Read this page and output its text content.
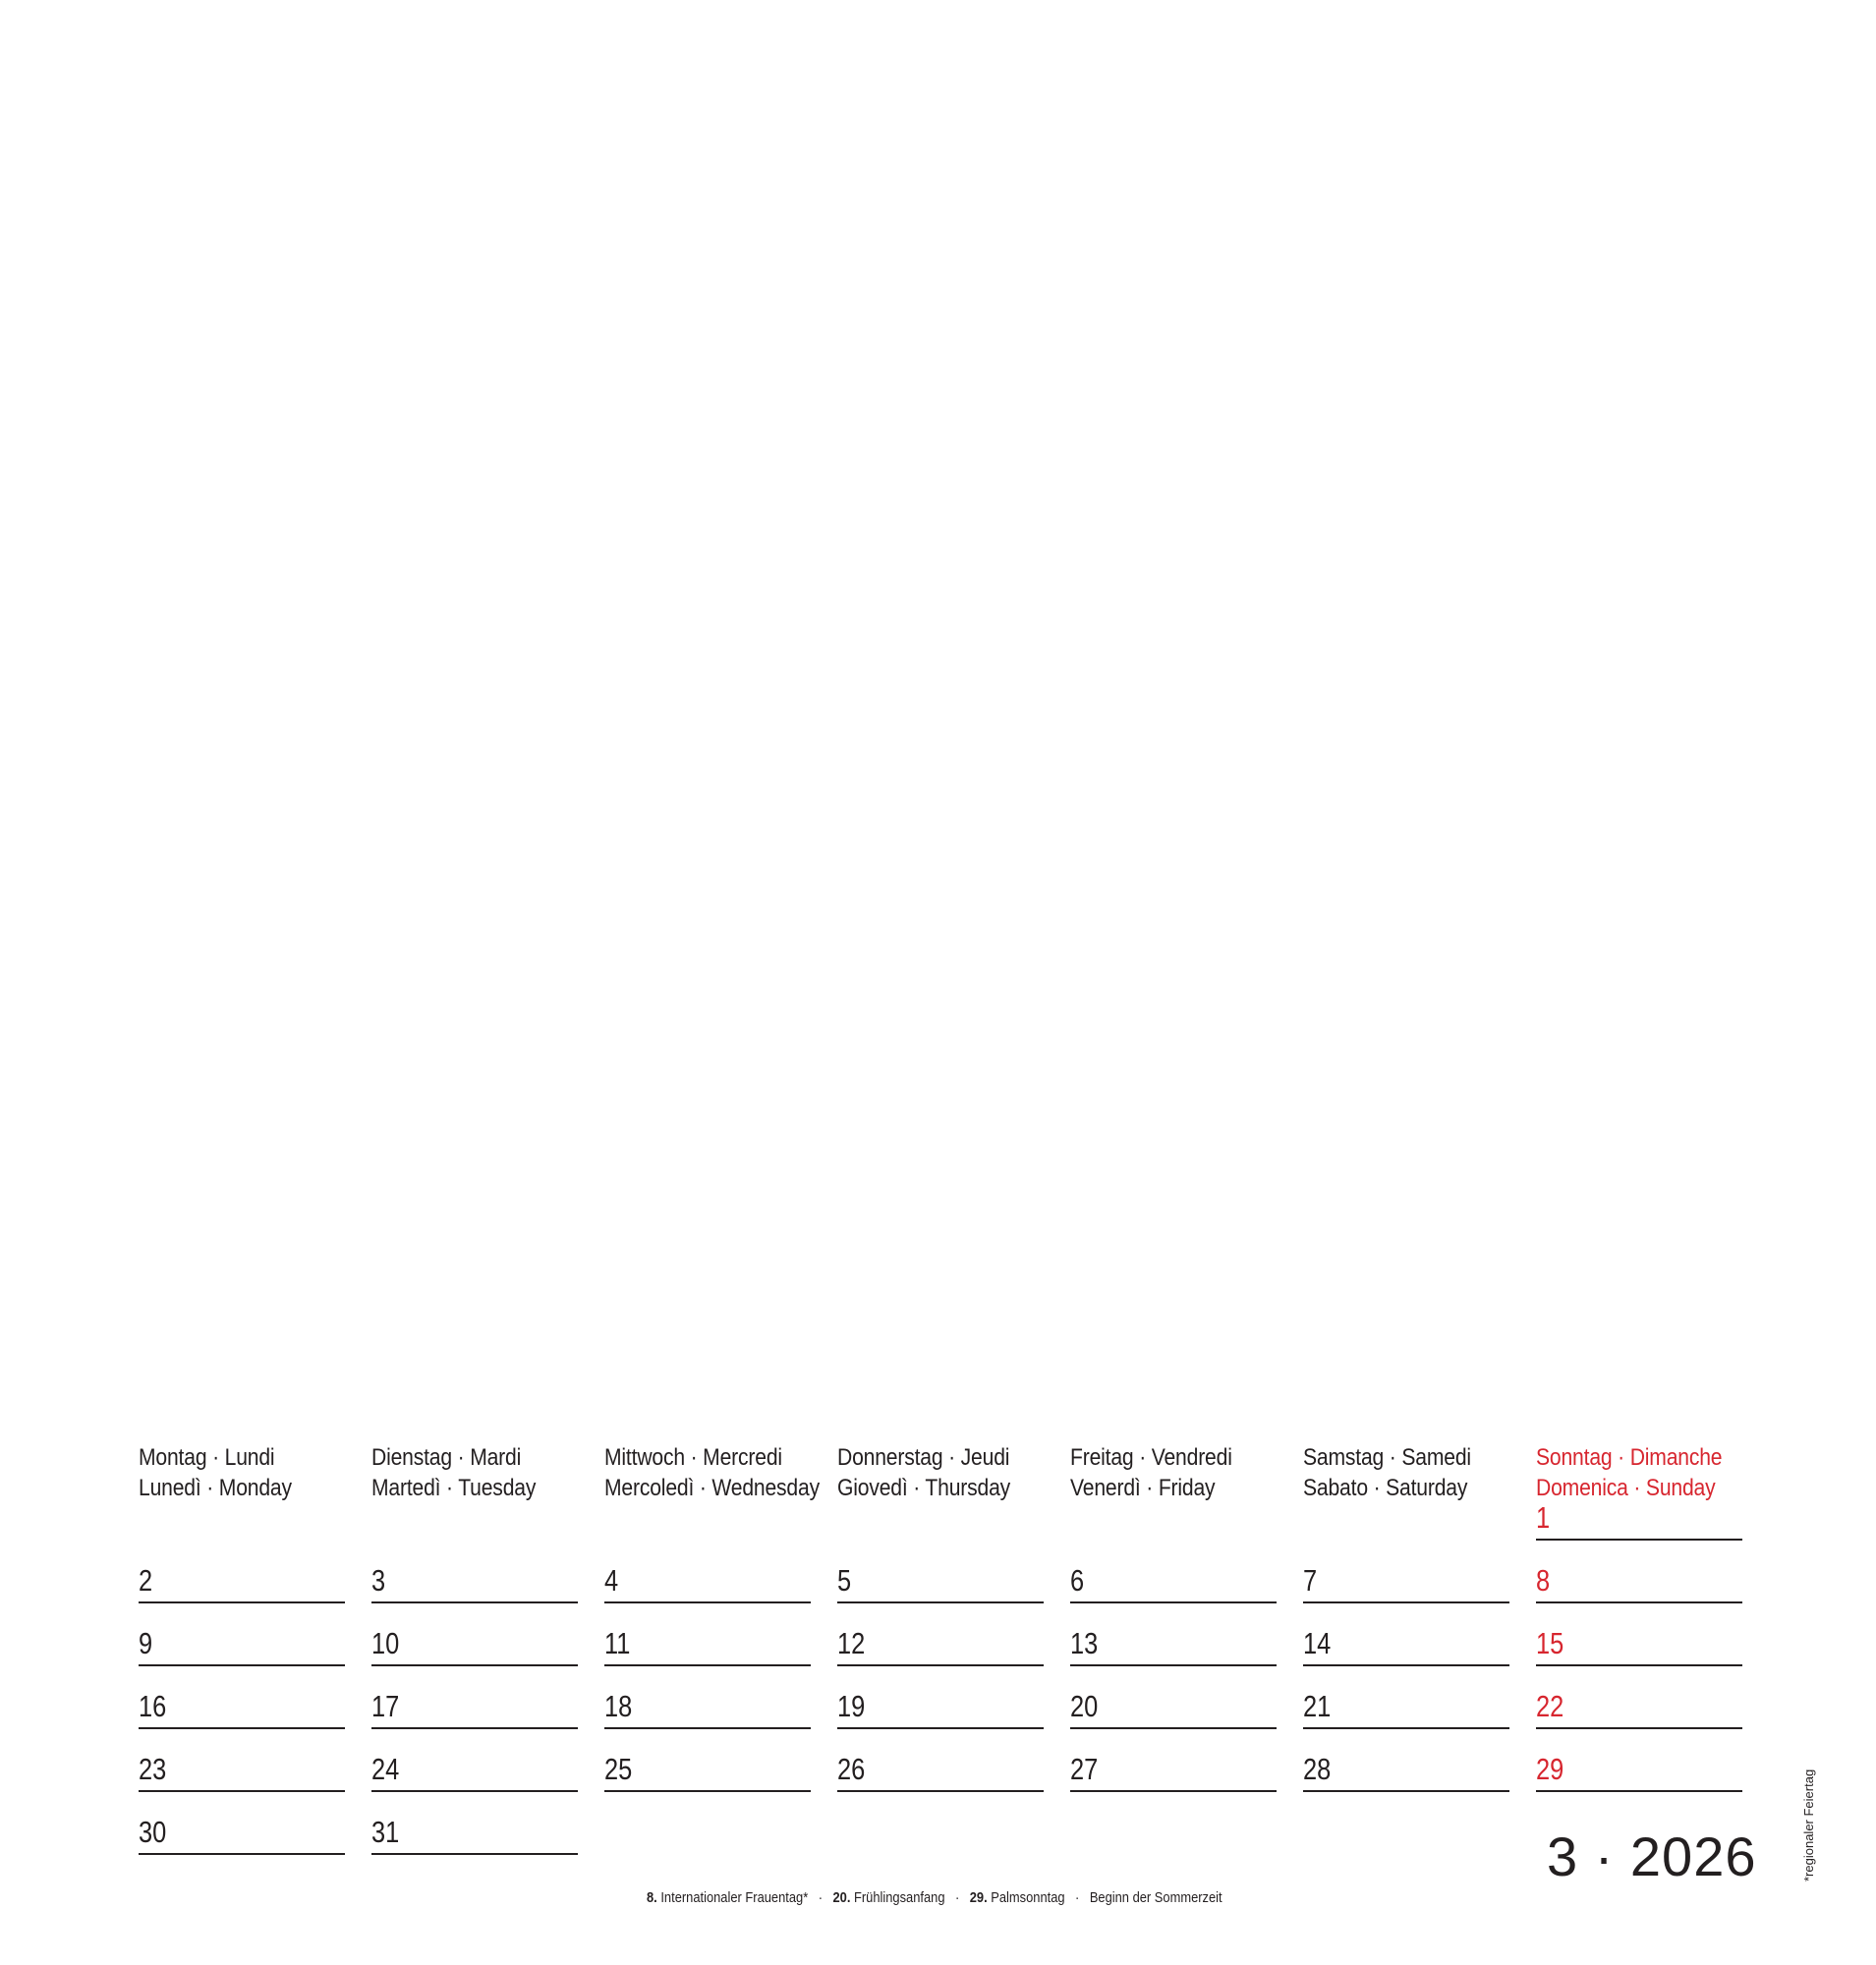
Montag · Lundi
Lunedì · Monday
2
9
16
23
30
Dienstag · Mardi
Martedì · Tuesday
3
10
17
24
31
Mittwoch · Mercredi
Mercoledì · Wednesday
4
11
18
25
Donnerstag · Jeudi
Giovedì · Thursday
5
12
19
26
Freitag · Vendredi
Venerdì · Friday
6
13
20
27
Samstag · Samedi
Sabato · Saturday
7
14
21
28
Sonntag · Dimanche
Domenica · Sunday
1
8
15
22
29
3 · 2026
8. Internationaler Frauentag* · 20. Frühlingsanfang · 29. Palmsonntag · Beginn der Sommerzeit
*regionaler Feiertag
